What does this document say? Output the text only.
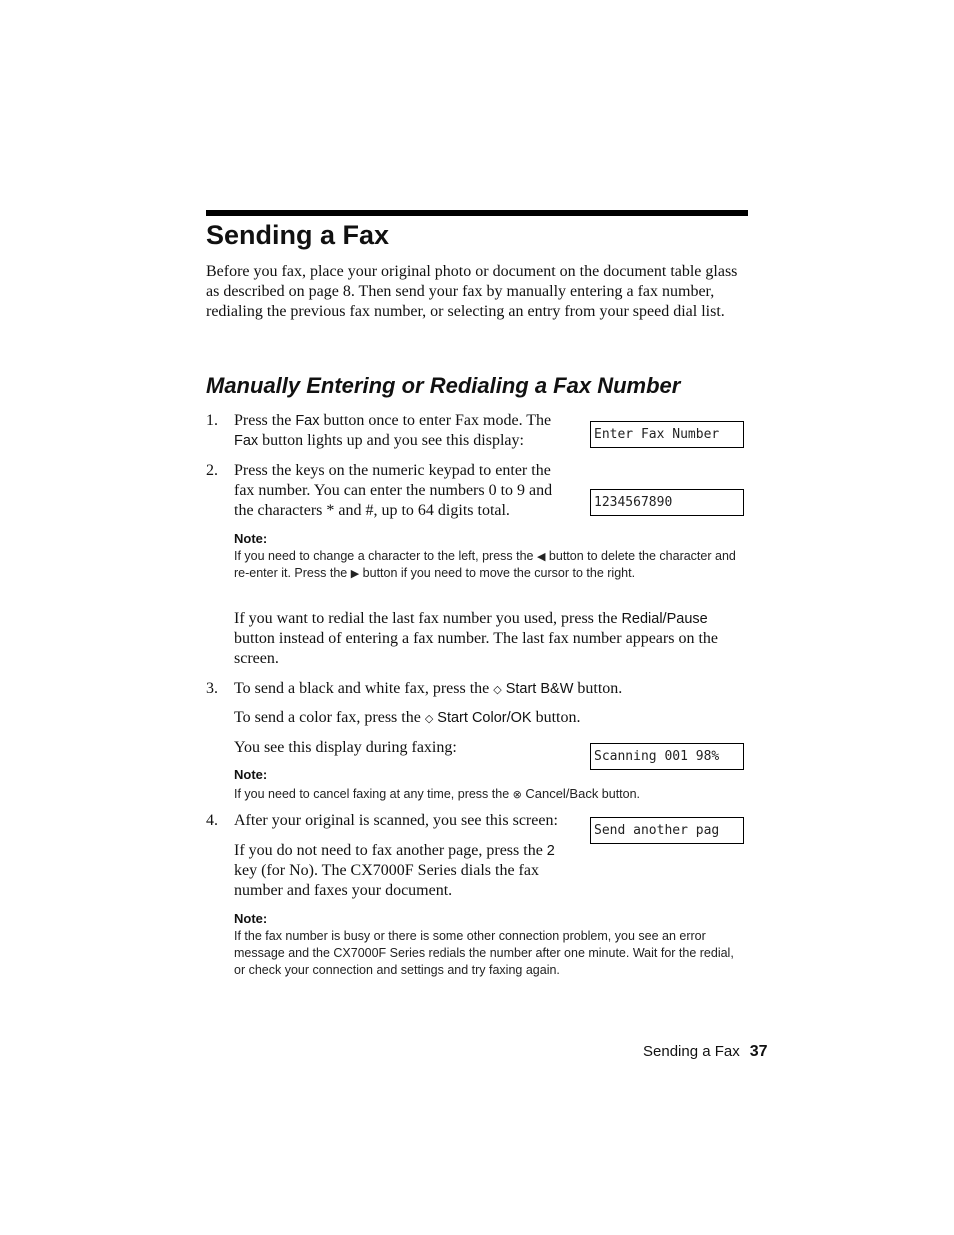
Sending a Fax
Before you fax, place your original photo or document on the document table glass as described on page 8. Then send your fax by manually entering a fax number, redialing the previous fax number, or selecting an entry from your speed dial list.
Manually Entering or Redialing a Fax Number
1.	Press the Fax button once to enter Fax mode. The
Fax button lights up and you see this display:	Enter Fax Number
2.	Press the keys on the numeric keypad to enter the fax number. You can enter the numbers 0 to 9 and the characters * and #, up to 64 digits total.	1234567890
Note:
If you need to change a character to the left, press the ◀ button to delete the character and re-enter it. Press the ▶ button if you need to move the cursor to the right.
If you want to redial the last fax number you used, press the Redial/Pause button instead of entering a fax number. The last fax number appears on the screen.
3.	To send a black and white fax, press the ◇ Start B&W button.
To send a color fax, press the ◇ Start Color/OK button.
You see this display during faxing:
Scanning 001 98%
Note:
If you need to cancel faxing at any time, press the ⊗ Cancel/Back button.
4.	After your original is scanned, you see this screen:
Send another pag
If you do not need to fax another page, press the 2 key (for No). The CX7000F Series dials the fax number and faxes your document.
Note:
If the fax number is busy or there is some other connection problem, you see an error message and the CX7000F Series redials the number after one minute. Wait for the redial, or check your connection and settings and try faxing again.
Sending a Fax 37
